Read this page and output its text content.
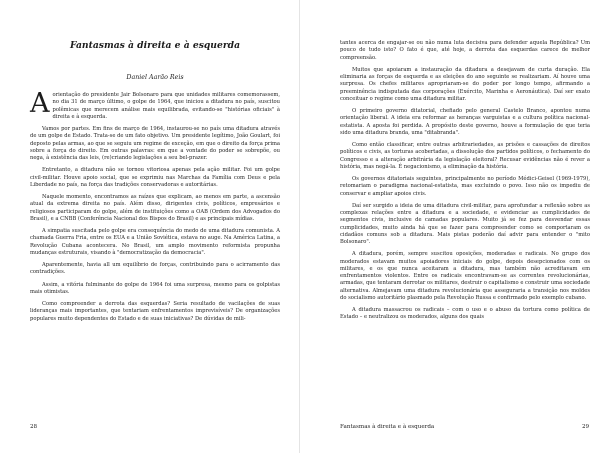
Fantasmas à direita e à esquerda
Daniel Aarão Reis

Aorientação do presidente Jair Bolsonaro para que unidades militares comemorassem, no dia 31 de março último, o golpe de 1964, que iniciou a ditadura no país, suscitou polêmicas que merecem análise mais equilibrada, evitando-se "histórias oficiais" à direita e à esquerda.

Vamos por partes. Em fins de março de 1964, instaurou-se no país uma ditadura através de um golpe de Estado. Trata-se de um fato objetivo. Um presidente legítimo, João Goulart, foi deposto pelas armas, ao que se seguiu um regime de exceção, em que o direito da força prima sobre a força do direito. Em outras palavras: em que a vontade do poder se sobrepõe, ou nega, à existência das leis, (re)criando legislações a seu bel-prazer.

Entretanto, a ditadura não se tornou vitoriosa apenas pela ação militar. Foi um golpe civil-militar. Houve apoio social, que se exprimiu nas Marchas da Família com Deus e pela Liberdade no país, na força das tradições conservadoras e autoritárias.

Naquele momento, encontramos as raízes que explicam, ao menos em parte, a ascensão atual da extrema direita no país. Além disso, dirigentes civis, políticos, empresários e religiosos participaram do golpe, além de instituições como a OAB (Ordem dos Advogados do Brasil), e a CNBB (Conferência Nacional dos Bispos do Brasil) e as principais mídias.

A simpatia suscitada pelo golpe era consequência do medo de uma ditadura comunista. A chamada Guerra Fria, entre os EUA e a União Soviética, estava no auge. Na América Latina, a Revolução Cubana acontecera. No Brasil, um amplo movimento reformista propunha mudanças estruturais, visando à "democratização da democracia".

Aparentemente, havia all um equilíbrio de forças, contribuindo para o acirramento das contradições.

Assim, a vitória fulminante do golpe de 1964 foi uma surpresa, mesmo para os golpistas mais otimistas.

Como compreender a derrota das esquerdas? Seria resultado de vacilações de suas lideranças mais importantes, que tentariam enfrentamentos imprevisíveis? De organizações populares muito dependentes do Estado e de suas iniciativas? De dúvidas de mili-

28

tantes acerca de engajar-se ou não numa luta decisiva para defender aquela República? Um pouco de tudo isto? O fato é que, até hoje, a derrota das esquerdas carece de melhor compreensão.

Muitos que apoiaram a instauração da ditadura a desejavam de curta duração. Ela eliminaria as forças de esquerda e as eleições do ano seguinte se realizariam. Aí houve uma surpresa. Os chefes militares apropriaram-se do poder por longo tempo, afirmando a preeminência indisputada das corporações (Exército, Marinha e Aeronáutica). Daí ser exato conceituar o regime como uma ditadura militar.

O primeiro governo ditatorial, chefiado pelo general Castelo Branco, apontou numa orientação liberal. A ideia era reformar as heranças varguistas e a cultura política nacional-estatista. A aposta foi perdida. A propósito deste governo, houve a formulação de que teria sido uma ditadura branda, uma "ditabranda".

Como então classificar, entre outras arbitrariedades, as prisões e cassações de direitos políticos e civis, as torturas acobertadas, a dissolução dos partidos políticos, o fechamento do Congresso e a alteração arbitrária da legislação eleitoral? Recusar evidências não é rever a história, mas negá-la. É negacionismo, a eliminação da história.

Os governos ditatoriais seguintes, principalmente no período Médici-Geisel (1969-1979), retomariam o paradigma nacional-estatista, mas excluindo o povo. Isso não os impediu de conservar e ampliar apoios civis.

Daí ser surgido a ideia de uma ditadura civil-militar, para aprofundar a reflexão sobre as complexas relações entre a ditadura e a sociedade, e evidenciar as cumplicidades de segmentos civis, inclusive de camadas populares. Muito já se fez para desvendar essas cumplicidades, muito ainda há que se fazer para compreender como se comportaram os cidadãos comuns sob a ditadura. Mais pistas poderão daí advir para entender o "mito Bolsonaro".

A ditadura, porém, sempre suscitou oposições, moderadas e radicais. No grupo dos moderados estavam muitos apoiadores iniciais do golpe, depois desepcionados com os militares, e os que nunca aceitaram a ditadura, mas também não acreditavam em enfrentamentos violentos. Entre os radicais encontravam-se as correntes revolucionárias, armadas, que tentaram derrotar os militares, destruir o capitalismo e construir uma sociedade alternativa. Almejavam uma ditadura revolucionária que asseguraria a transição nos moldes do socialismo autoritário plasmado pela Revolução Russa e confirmado pelo exemplo cubano.

A ditadura massacrou os radicais – com o uso e o abuso da tortura como política de Estado – e neutralizou os moderados, alguns dos quais

Fantasmas à direita e à esquerda	29
